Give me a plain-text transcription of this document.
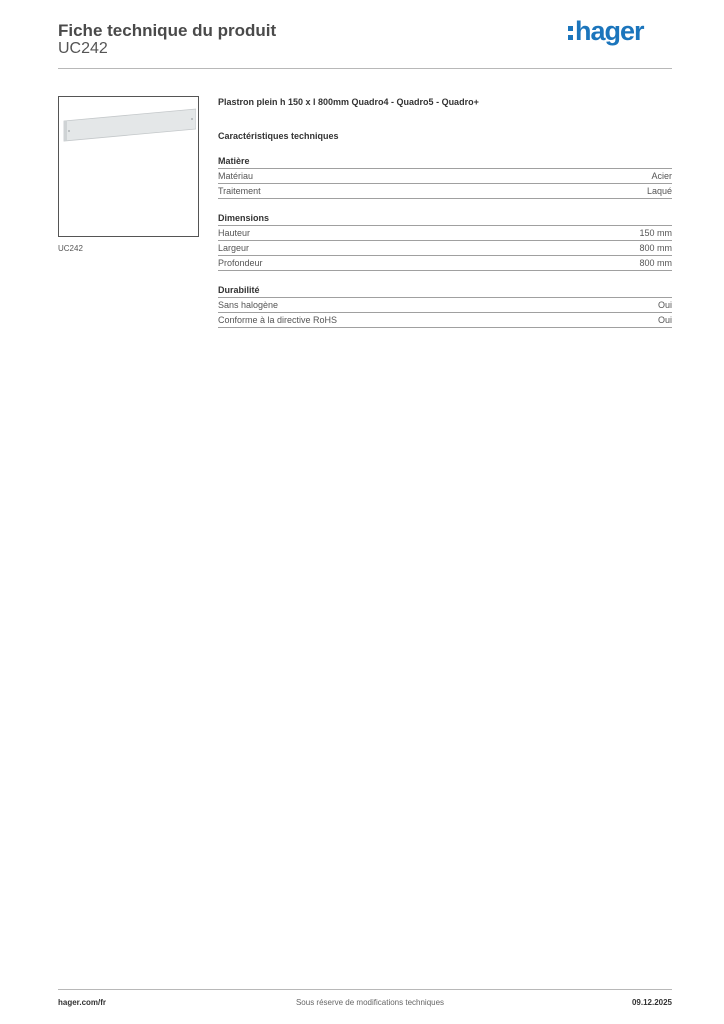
Fiche technique du produit
UC242
hager
UC242
Plastron plein h 150 x l 800mm Quadro4 - Quadro5 - Quadro+
Caractéristiques techniques
Matière
Matériau	Acier
Traitement	Laqué
Dimensions
Hauteur	150 mm
Largeur	800 mm
Profondeur	800 mm
Durabilité
Sans halogène	Oui
Conforme à la directive RoHS	Oui
hager.com/fr	Sous réserve de modifications techniques	09.12.2025
